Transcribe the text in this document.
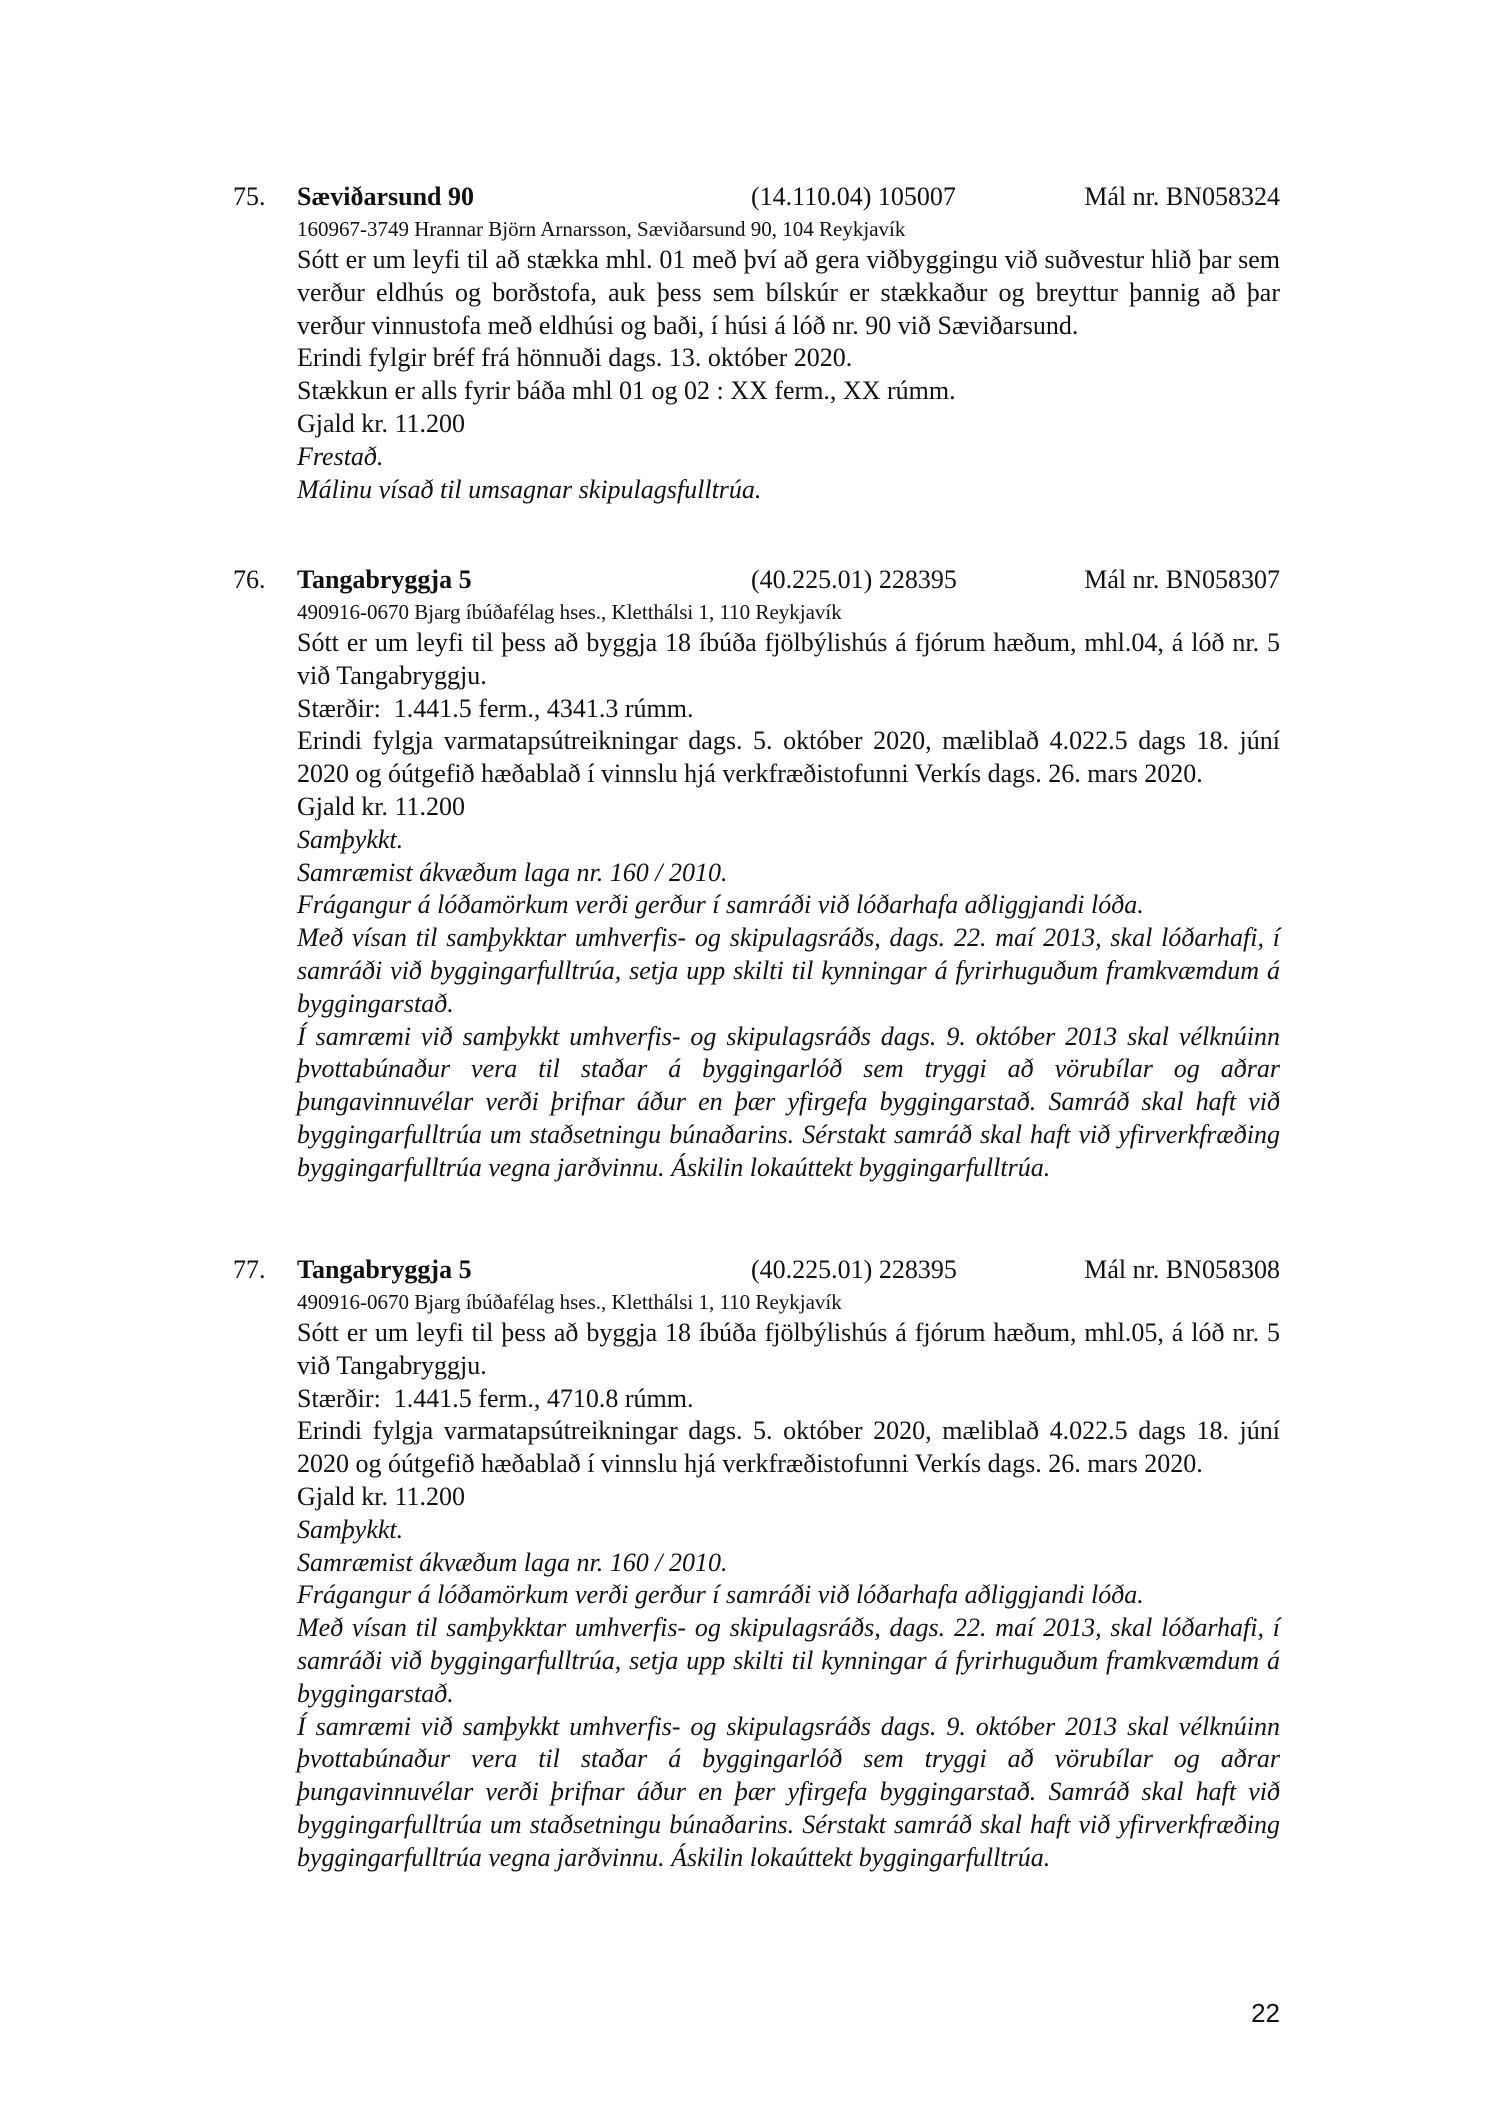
75. Sæviðarsund 90	(14.110.04) 105007	Mál nr. BN058324
160967-3749 Hrannar Björn Arnarsson, Sæviðarsund 90, 104 Reykjavík

Sótt er um leyfi til að stækka mhl. 01 með því að gera viðbyggingu við suðvestur hlið þar sem verður eldhús og borðstofa, auk þess sem bílskúr er stækkaður og breyttur þannig að þar verður vinnustofa með eldhúsi og baði, í húsi á lóð nr. 90 við Sæviðarsund.

Erindi fylgir bréf frá hönnuði dags. 13. október 2020.

Stækkun er alls fyrir báða mhl 01 og 02 : XX ferm., XX rúmm.

Gjald kr. 11.200

Frestað.

Málinu vísað til umsagnar skipulagsfulltrúa.

76. Tangabryggja 5	(40.225.01) 228395	Mál nr. BN058307
490916-0670 Bjarg íbúðafélag hses., Kletthálsi 1, 110 Reykjavík

Sótt er um leyfi til þess að byggja 18 íbúða fjölbýlishús á fjórum hæðum, mhl.04, á lóð nr. 5 við Tangabryggju.

Stærðir:  1.441.5 ferm., 4341.3 rúmm.

Erindi fylgja varmatapsútreikningar dags. 5. október 2020, mæliblað 4.022.5 dags 18. júní 2020 og óútgefið hæðablað í vinnslu hjá verkfræðistofunni Verkís dags. 26. mars 2020.

Gjald kr. 11.200

Samþykkt.

Samræmist ákvæðum laga nr. 160 / 2010.

Frágangur á lóðamörkum verði gerður í samráði við lóðarhafa aðliggjandi lóða.

Með vísan til samþykktar umhverfis- og skipulagsráðs, dags. 22. maí 2013, skal lóðarhafi, í samráði við byggingarfulltrúa, setja upp skilti til kynningar á fyrirhuguðum framkvæmdum á byggingarstað.

Í samræmi við samþykkt umhverfis- og skipulagsráðs dags. 9. október 2013 skal vélknúinn þvottabúnaður vera til staðar á byggingarlóð sem tryggi að vörubílar og aðrar þungavinnuvélar verði þrifnar áður en þær yfirgefa byggingarstað. Samráð skal haft við byggingarfulltrúa um staðsetningu búnaðarins. Sérstakt samráð skal haft við yfirverkfræðing byggingarfulltrúa vegna jarðvinnu. Áskilin lokaúttekt byggingarfulltrúa.

77. Tangabryggja 5	(40.225.01) 228395	Mál nr. BN058308
490916-0670 Bjarg íbúðafélag hses., Kletthálsi 1, 110 Reykjavík

Sótt er um leyfi til þess að byggja 18 íbúða fjölbýlishús á fjórum hæðum, mhl.05, á lóð nr. 5 við Tangabryggju.

Stærðir:  1.441.5 ferm., 4710.8 rúmm.

Erindi fylgja varmatapsútreikningar dags. 5. október 2020, mæliblað 4.022.5 dags 18. júní 2020 og óútgefið hæðablað í vinnslu hjá verkfræðistofunni Verkís dags. 26. mars 2020.

Gjald kr. 11.200

Samþykkt.

Samræmist ákvæðum laga nr. 160 / 2010.

Frágangur á lóðamörkum verði gerður í samráði við lóðarhafa aðliggjandi lóða.

Með vísan til samþykktar umhverfis- og skipulagsráðs, dags. 22. maí 2013, skal lóðarhafi, í samráði við byggingarfulltrúa, setja upp skilti til kynningar á fyrirhuguðum framkvæmdum á byggingarstað.

Í samræmi við samþykkt umhverfis- og skipulagsráðs dags. 9. október 2013 skal vélknúinn þvottabúnaður vera til staðar á byggingarlóð sem tryggi að vörubílar og aðrar þungavinnuvélar verði þrifnar áður en þær yfirgefa byggingarstað. Samráð skal haft við byggingarfulltrúa um staðsetningu búnaðarins. Sérstakt samráð skal haft við yfirverkfræðing byggingarfulltrúa vegna jarðvinnu. Áskilin lokaúttekt byggingarfulltrúa.

22
